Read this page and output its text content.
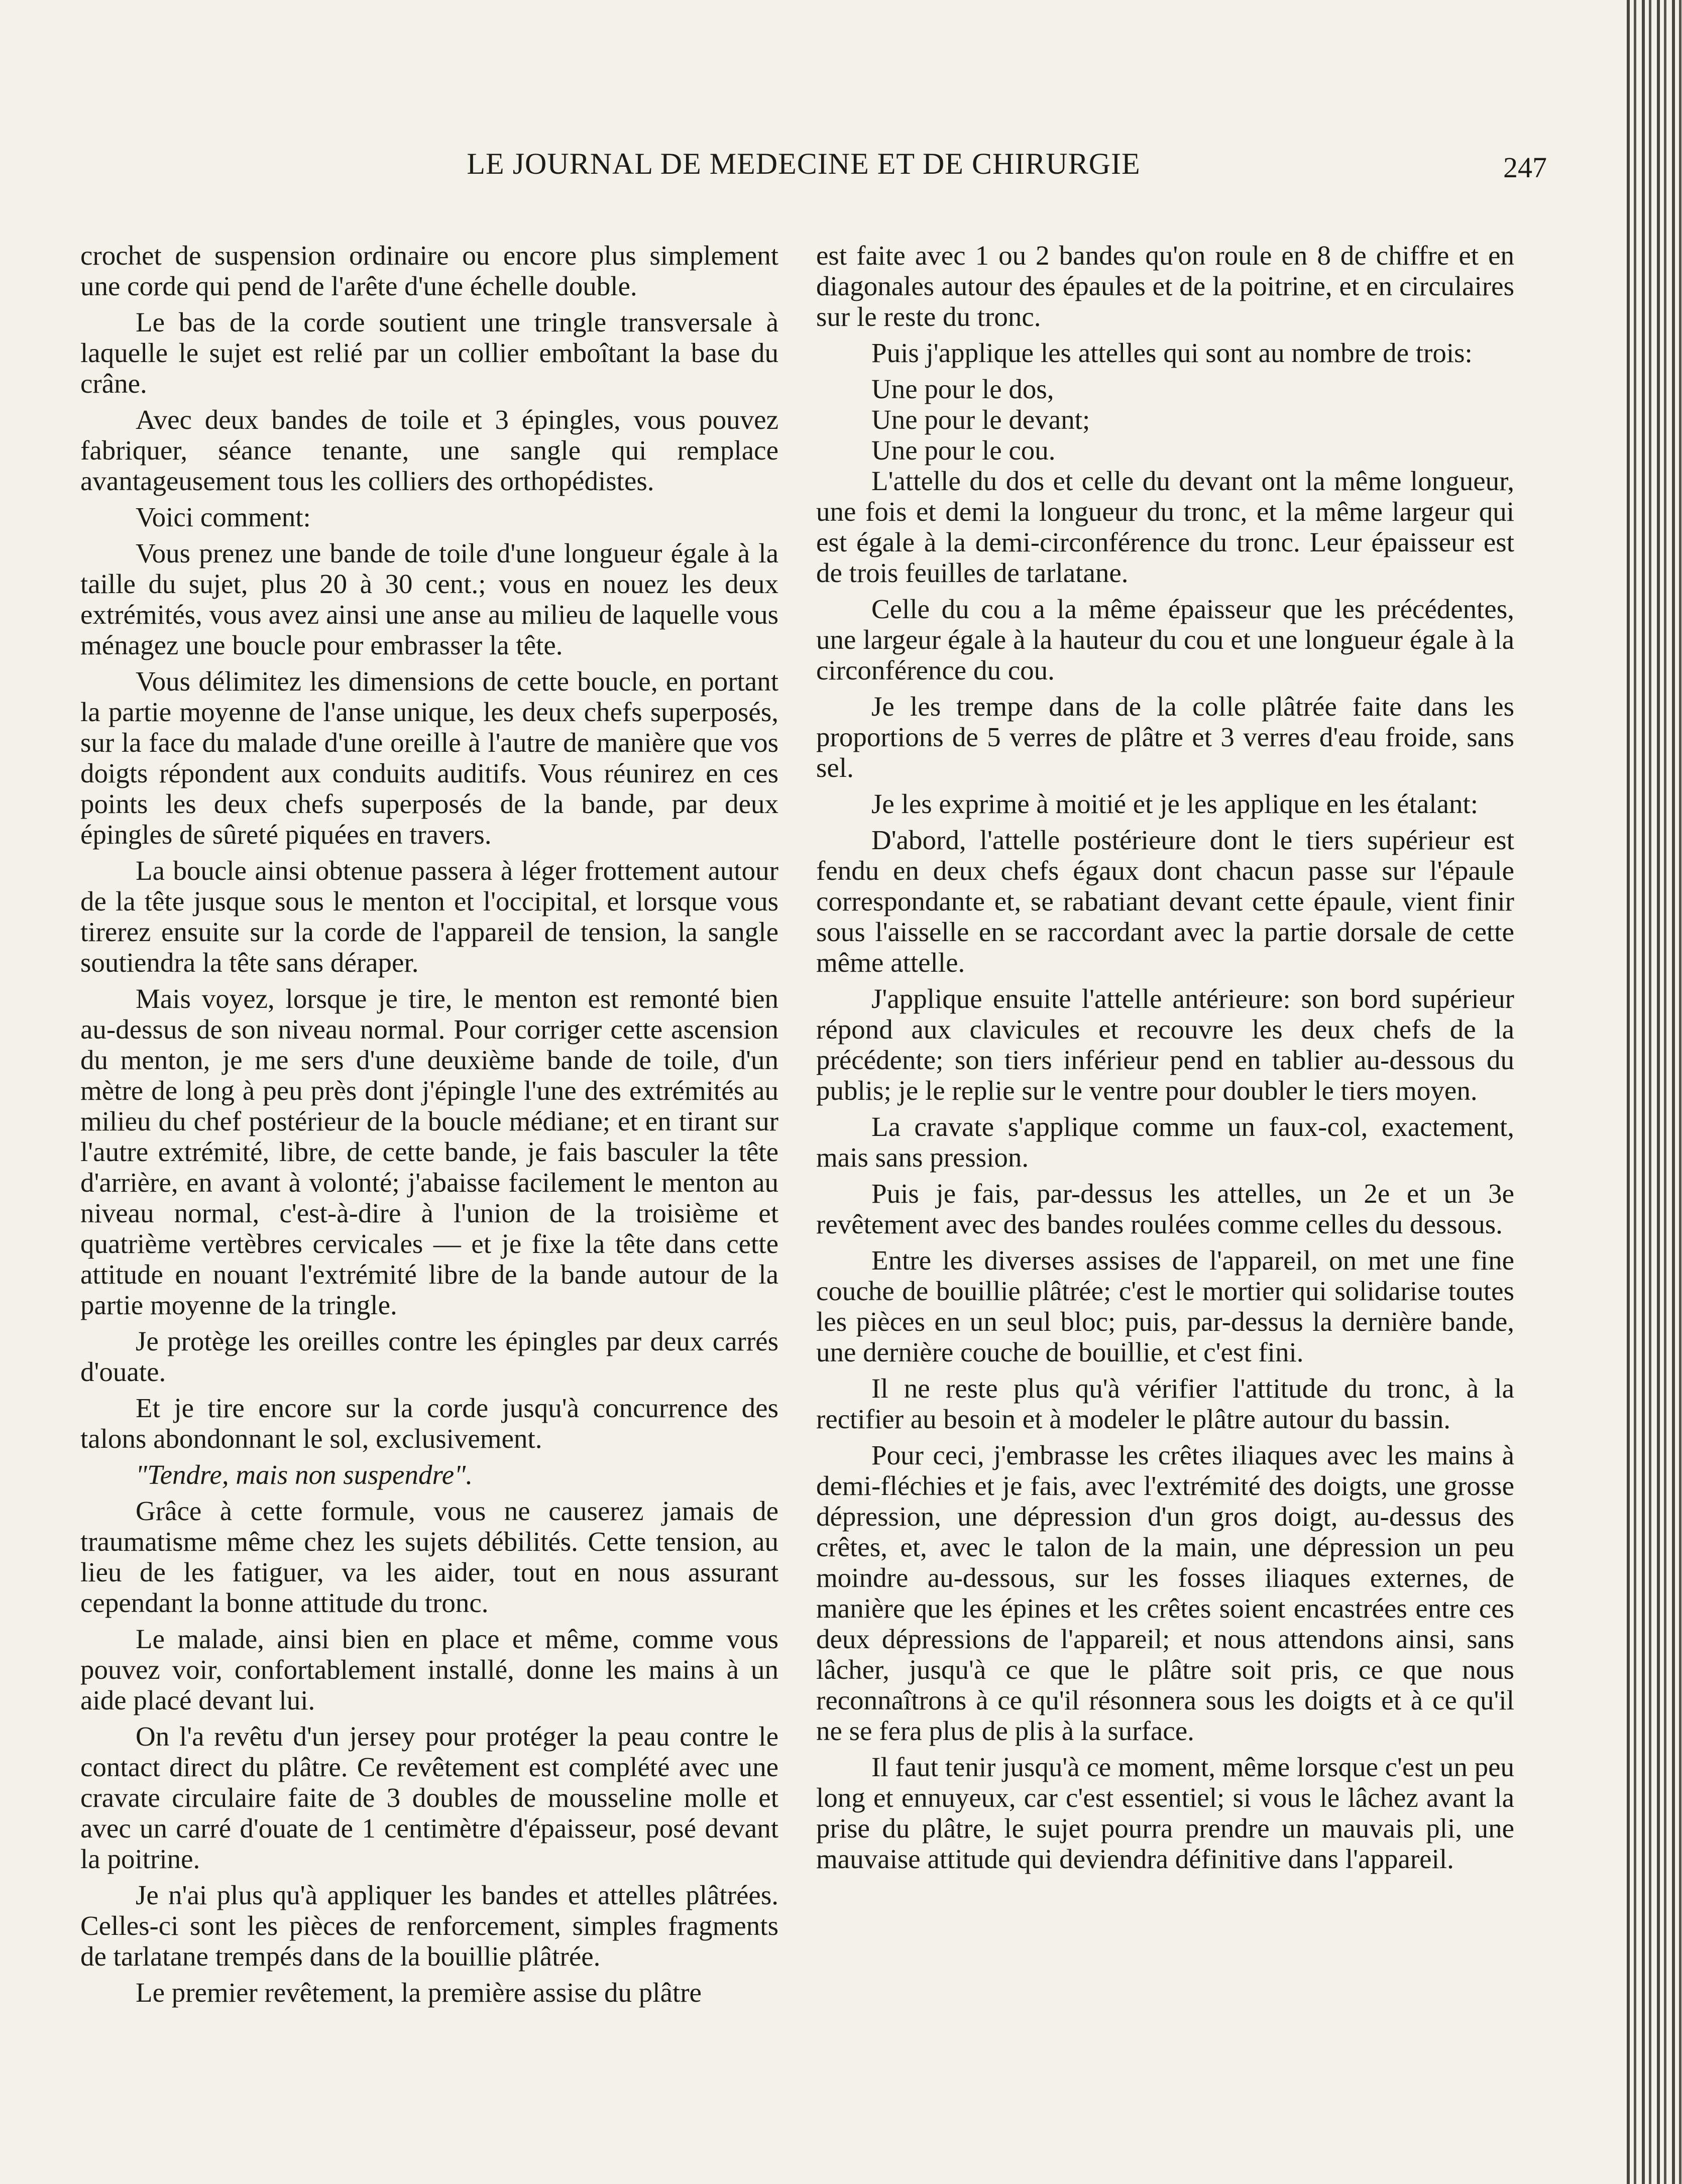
LE JOURNAL DE MEDECINE ET DE CHIRURGIE	247

crochet de suspension ordinaire ou encore plus simplement une corde qui pend de l'arête d'une échelle double.

Le bas de la corde soutient une tringle transversale à laquelle le sujet est relié par un collier emboîtant la base du crâne.

Avec deux bandes de toile et 3 épingles, vous pouvez fabriquer, séance tenante, une sangle qui remplace avantageusement tous les colliers des orthopédistes.

Voici comment:

Vous prenez une bande de toile d'une longueur égale à la taille du sujet, plus 20 à 30 cent.; vous en nouez les deux extrémités, vous avez ainsi une anse au milieu de laquelle vous ménagez une boucle pour embrasser la tête.

Vous délimitez les dimensions de cette boucle, en portant la partie moyenne de l'anse unique, les deux chefs superposés, sur la face du malade d'une oreille à l'autre de manière que vos doigts répondent aux conduits auditifs. Vous réunirez en ces points les deux chefs superposés de la bande, par deux épingles de sûreté piquées en travers.

La boucle ainsi obtenue passera à léger frottement autour de la tête jusque sous le menton et l'occipital, et lorsque vous tirerez ensuite sur la corde de l'appareil de tension, la sangle soutiendra la tête sans déraper.

Mais voyez, lorsque je tire, le menton est remonté bien au-dessus de son niveau normal. Pour corriger cette ascension du menton, je me sers d'une deuxième bande de toile, d'un mètre de long à peu près dont j'épingle l'une des extrémités au milieu du chef postérieur de la boucle médiane; et en tirant sur l'autre extrémité, libre, de cette bande, je fais basculer la tête d'arrière, en avant à volonté; j'abaisse facilement le menton au niveau normal, c'est-à-dire à l'union de la troisième et quatrième vertèbres cervicales — et je fixe la tête dans cette attitude en nouant l'extrémité libre de la bande autour de la partie moyenne de la tringle.

Je protège les oreilles contre les épingles par deux carrés d'ouate.

Et je tire encore sur la corde jusqu'à concurrence des talons abondonnant le sol, exclusivement.

"Tendre, mais non suspendre".

Grâce à cette formule, vous ne causerez jamais de traumatisme même chez les sujets débilités. Cette tension, au lieu de les fatiguer, va les aider, tout en nous assurant cependant la bonne attitude du tronc.

Le malade, ainsi bien en place et même, comme vous pouvez voir, confortablement installé, donne les mains à un aide placé devant lui.

On l'a revêtu d'un jersey pour protéger la peau contre le contact direct du plâtre. Ce revêtement est complété avec une cravate circulaire faite de 3 doubles de mousseline molle et avec un carré d'ouate de 1 centimètre d'épaisseur, posé devant la poitrine.

Je n'ai plus qu'à appliquer les bandes et attelles plâtrées. Celles-ci sont les pièces de renforcement, simples fragments de tarlatane trempés dans de la bouillie plâtrée.

Le premier revêtement, la première assise du plâtre

est faite avec 1 ou 2 bandes qu'on roule en 8 de chiffre et en diagonales autour des épaules et de la poitrine, et en circulaires sur le reste du tronc.

Puis j'applique les attelles qui sont au nombre de trois:

Une pour le dos,

Une pour le devant;

Une pour le cou.

L'attelle du dos et celle du devant ont la même longueur, une fois et demi la longueur du tronc, et la même largeur qui est égale à la demi-circonférence du tronc. Leur épaisseur est de trois feuilles de tarlatane.

Celle du cou a la même épaisseur que les précédentes, une largeur égale à la hauteur du cou et une longueur égale à la circonférence du cou.

Je les trempe dans de la colle plâtrée faite dans les proportions de 5 verres de plâtre et 3 verres d'eau froide, sans sel.

Je les exprime à moitié et je les applique en les étalant:

D'abord, l'attelle postérieure dont le tiers supérieur est fendu en deux chefs égaux dont chacun passe sur l'épaule correspondante et, se rabatiant devant cette épaule, vient finir sous l'aisselle en se raccordant avec la partie dorsale de cette même attelle.

J'applique ensuite l'attelle antérieure: son bord supérieur répond aux clavicules et recouvre les deux chefs de la précédente; son tiers inférieur pend en tablier au-dessous du publis; je le replie sur le ventre pour doubler le tiers moyen.

La cravate s'applique comme un faux-col, exactement, mais sans pression.

Puis je fais, par-dessus les attelles, un 2e et un 3e revêtement avec des bandes roulées comme celles du dessous.

Entre les diverses assises de l'appareil, on met une fine couche de bouillie plâtrée; c'est le mortier qui solidarise toutes les pièces en un seul bloc; puis, par-dessus la dernière bande, une dernière couche de bouillie, et c'est fini.

Il ne reste plus qu'à vérifier l'attitude du tronc, à la rectifier au besoin et à modeler le plâtre autour du bassin.

Pour ceci, j'embrasse les crêtes iliaques avec les mains à demi-fléchies et je fais, avec l'extrémité des doigts, une grosse dépression, une dépression d'un gros doigt, au-dessus des crêtes, et, avec le talon de la main, une dépression un peu moindre au-dessous, sur les fosses iliaques externes, de manière que les épines et les crêtes soient encastrées entre ces deux dépressions de l'appareil; et nous attendons ainsi, sans lâcher, jusqu'à ce que le plâtre soit pris, ce que nous reconnaîtrons à ce qu'il résonnera sous les doigts et à ce qu'il ne se fera plus de plis à la surface.

Il faut tenir jusqu'à ce moment, même lorsque c'est un peu long et ennuyeux, car c'est essentiel; si vous le lâchez avant la prise du plâtre, le sujet pourra prendre un mauvais pli, une mauvaise attitude qui deviendra définitive dans l'appareil.
